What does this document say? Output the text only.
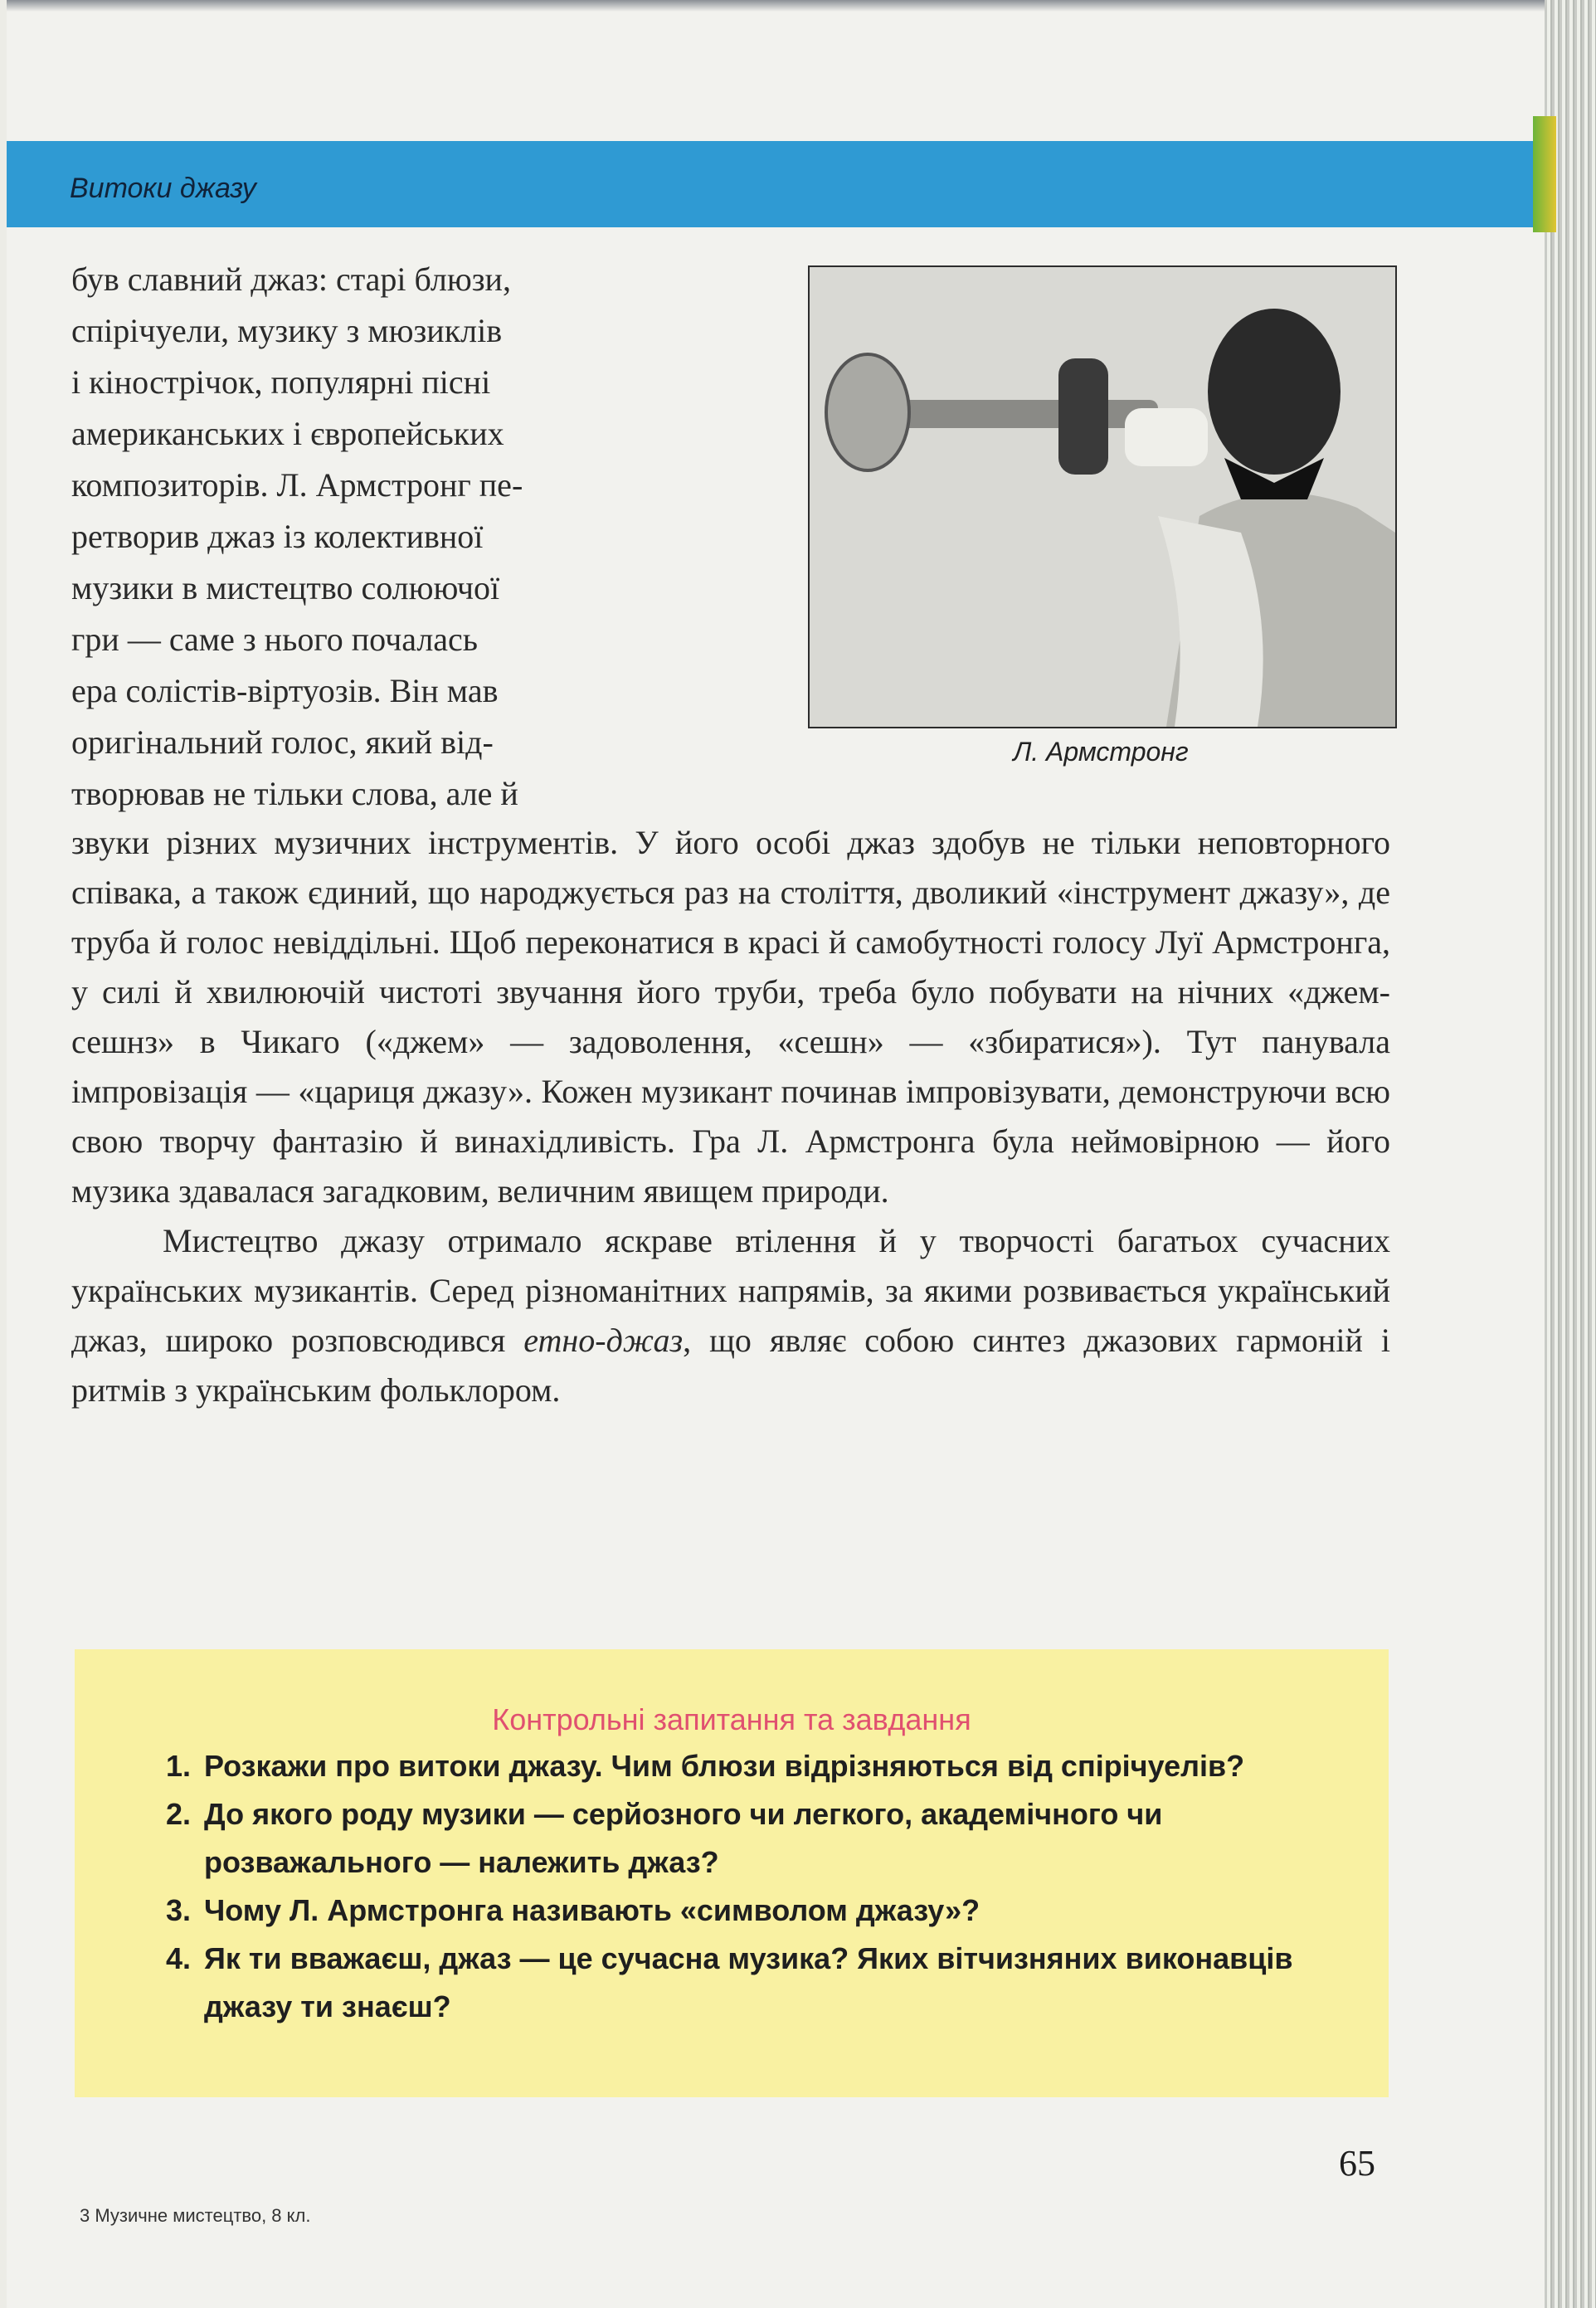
Витоки джазу

був славний джаз: старі блюзи,

спірічуели, музику з мюзиклів

і кінострічок, популярні пісні

американських і європейських

композиторів. Л. Армстронг пе-

ретворив джаз із колективної

музики в мистецтво солюючої

гри — саме з нього почалась

ера солістів-віртуозів. Він мав

оригінальний голос, який від-

творював не тільки слова, але й

Л. Армстронг

звуки різних музичних інструментів. У його особі джаз здобув не тільки неповторного співака, а також єдиний, що народжується раз на століття, дволикий «інструмент джазу», де труба й голос невіддільні. Щоб переконатися в красі й самобутності голосу Луї Армстронга, у силі й хвилюючій чистоті звучання його труби, треба було побувати на нічних «джем-сешнз» в Чикаго («джем» — задоволення, «сешн» — «збиратися»). Тут панувала імпровізація — «цариця джазу». Кожен музикант починав імпровізувати, демонструючи всю свою творчу фантазію й винахідливість. Гра Л. Армстронга була неймовірною — його музика здавалася загадковим, величним явищем природи.

Мистецтво джазу отримало яскраве втілення й у творчості багатьох сучасних українських музикантів. Серед різноманітних напрямів, за якими розвивається український джаз, широко розповсюдився етно-джаз, що являє собою синтез джазових гармоній і ритмів з українським фольклором.

Контрольні запитання та завдання
1. Розкажи про витоки джазу. Чим блюзи відрізняються від спірічуелів?
2. До якого роду музики — серйозного чи легкого, академічного чи розважального — належить джаз?
3. Чому Л. Армстронга називають «символом джазу»?
4. Як ти вважаєш, джаз — це сучасна музика? Яких вітчизняних виконавців джазу ти знаєш?
65
3 Музичне мистецтво, 8 кл.
